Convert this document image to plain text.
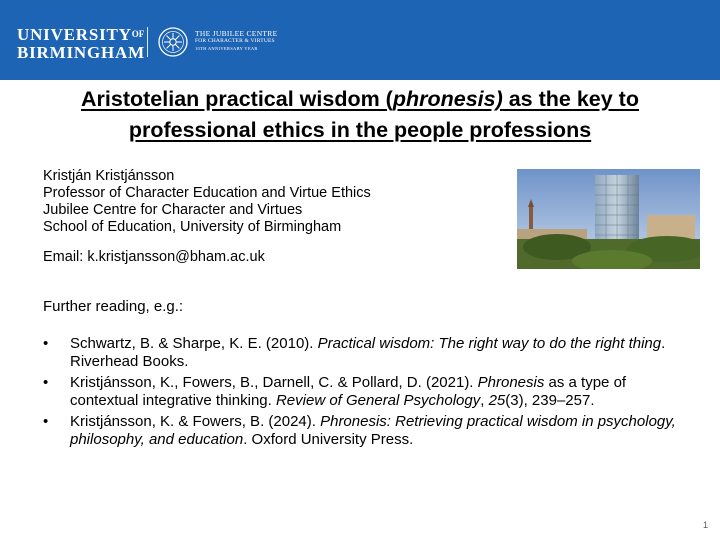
$UNIVERSITY^{OF}$
BIRMINGHAM
THE JUBILEE CENTRE
FOR CHARACTER & VIRTUES
10TH ANNIVERSARY YEAR
Aristotelian practical wisdom (phronesis) as the key to professional ethics in the people professions
Kristján Kristjánsson
Professor of Character Education and Virtue Ethics
Jubilee Centre for Character and Virtues
School of Education, University of Birmingham
Email: k.kristjansson@bham.ac.uk
Further reading, e.g.:
• Schwartz, B. & Sharpe, K. E. (2010). Practical wisdom: The right way to do the right thing. Riverhead Books.
• Kristjánsson, K., Fowers, B., Darnell, C. & Pollard, D. (2021). Phronesis as a type of contextual integrative thinking. Review of General Psychology, 25(3), 239–257.
• Kristjánsson, K. & Fowers, B. (2024). Phronesis: Retrieving practical wisdom in psychology, philosophy, and education. Oxford University Press.
1
